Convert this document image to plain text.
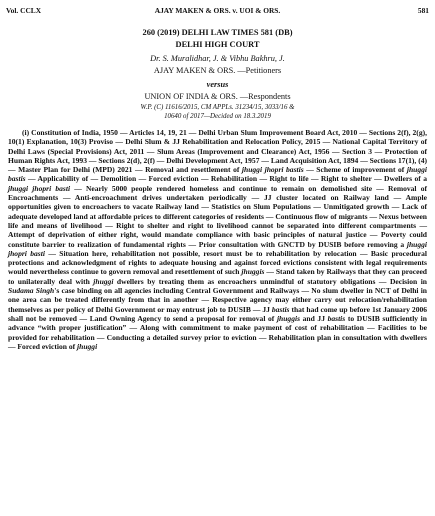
Vol. CCLX	AJAY MAKEN & ORS. v. UOI & ORS.	581
260 (2019) DELHI LAW TIMES 581 (DB)
DELHI HIGH COURT
Dr. S. Muralidhar, J. & Vibhu Bakhru, J.
AJAY MAKEN & ORS. —Petitioners
versus
UNION OF INDIA & ORS. —Respondents
W.P. (C) 11616/2015, CM APPLs. 31234/15, 3033/16 &
10640 of 2017—Decided on 18.3.2019
(i) Constitution of India, 1950 — Articles 14, 19, 21 — Delhi Urban Slum Improvement Board Act, 2010 — Sections 2(f), 2(g), 10(1) Explanation, 10(3) Proviso — Delhi Slum & JJ Rehabilitation and Relocation Policy, 2015 — National Capital Territory of Delhi Laws (Special Provisions) Act, 2011 — Slum Areas (Improvement and Clearance) Act, 1956 — Section 3 — Protection of Human Rights Act, 1993 — Sections 2(d), 2(f) — Delhi Development Act, 1957 — Land Acquisition Act, 1894 — Sections 17(1), (4) — Master Plan for Delhi (MPD) 2021 — Removal and resettlement of jhuggi jhopri bastis — Scheme of improvement of jhuggi bastis — Applicability of — Demolition — Forced eviction — Rehabilitation — Right to life — Right to shelter — Dwellers of a jhuggi jhopri basti — Nearly 5000 people rendered homeless and continue to remain on demolished site — Removal of Encroachments — Anti-encroachment drives undertaken periodically — JJ cluster located on Railway land — Ample opportunities given to encroachers to vacate Railway land — Statistics on Slum Populations — Unmitigated growth — Lack of adequate developed land at affordable prices to different categories of residents — Continuous flow of migrants — Nexus between life and means of livelihood — Right to shelter and right to livelihood cannot be separated into different compartments — Attempt of deprivation of either right, would mandate compliance with basic principles of natural justice — Poverty could constitute barrier to realization of fundamental rights — Prior consultation with GNCTD by DUSIB before removing a jhuggi jhopri basti — Situation here, rehabilitation not possible, resort must be to rehabilitation by relocation — Basic procedural protections and acknowledgment of rights to adequate housing and against forced evictions consistent with legal requirements would nevertheless continue to govern removal and resettlement of such jhuggis — Stand taken by Railways that they can proceed to unilaterally deal with jhuggi dwellers by treating them as encroachers unmindful of statutory obligations — Decision in Sudama Singh's case binding on all agencies including Central Government and Railways — No slum dweller in NCT of Delhi in one area can be treated differently from that in another — Respective agency may either carry out relocation/rehabilitation themselves as per policy of Delhi Government or may entrust job to DUSIB — JJ bastis that had come up before 1st January 2006 shall not be removed — Land Owning Agency to send a proposal for removal of jhuggis and JJ bastis to DUSIB sufficiently in advance “with proper justification” — Along with commitment to make payment of cost of rehabilitation — Facilities to be provided for rehabilitation — Conducting a detailed survey prior to eviction — Rehabilitation plan in consultation with dwellers — Forced eviction of jhuggi
